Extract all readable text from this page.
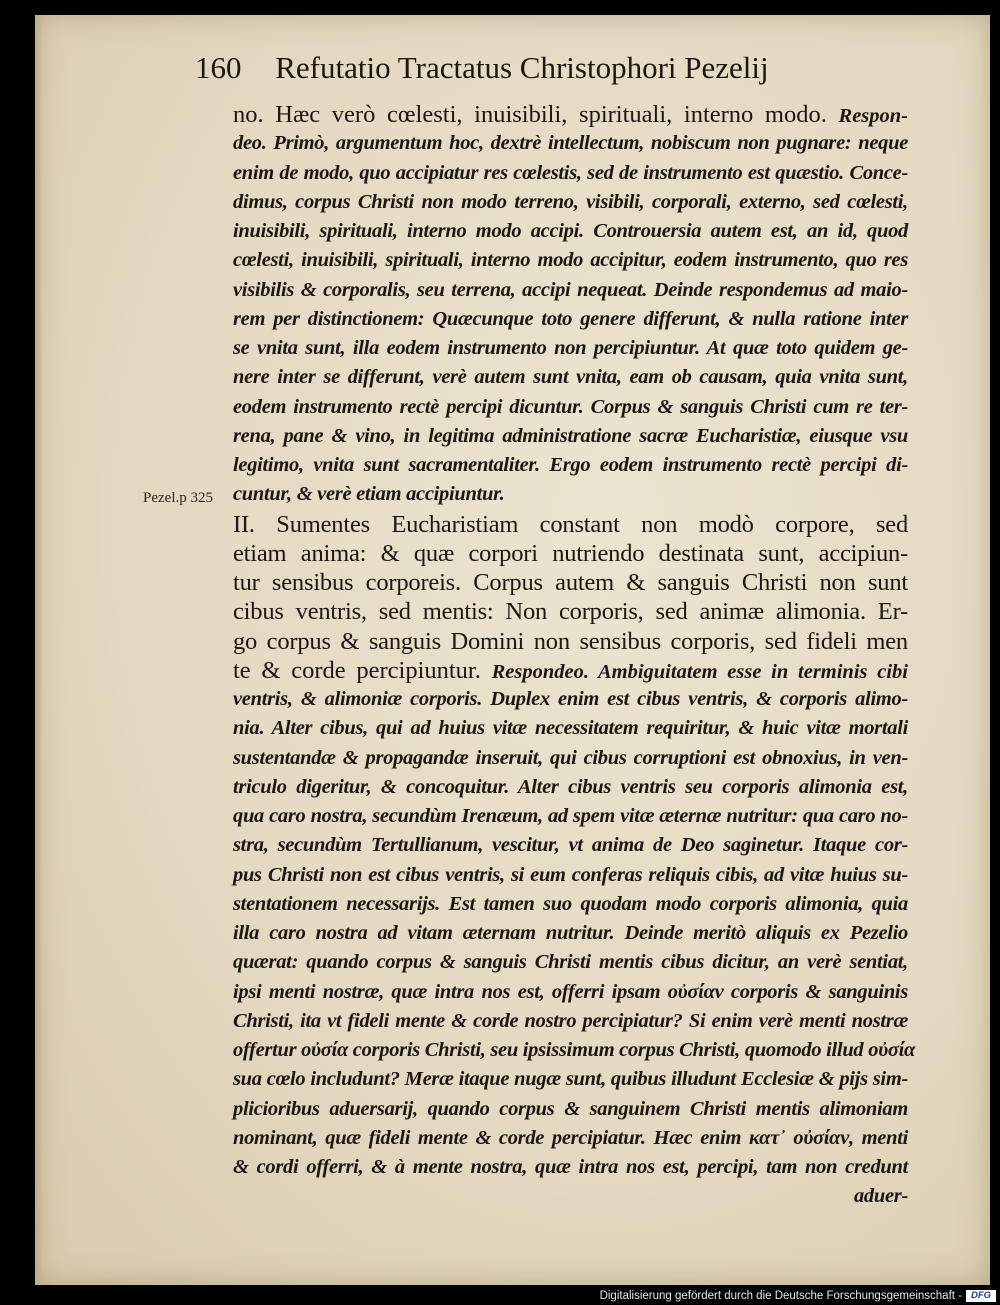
160 Refutatio Tractatus Christophori Pezelij
Pezel.p 325
no. Hæc verò cœlesti, inuisibili, spirituali, interno modo. Respon-
deo. Primò, argumentum hoc, dextrè intellectum, nobiscum non pugnare: neque
enim de modo, quo accipiatur res cœlestis, sed de instrumento est quæstio. Conce-
dimus, corpus Christi non modo terreno, visibili, corporali, externo, sed cœlesti,
inuisibili, spirituali, interno modo accipi. Controuersia autem est, an id, quod
cœlesti, inuisibili, spirituali, interno modo accipitur, eodem instrumento, quo res
visibilis & corporalis, seu terrena, accipi nequeat. Deinde respondemus ad maio-
rem per distinctionem: Quæcunque toto genere differunt, & nulla ratione inter
se vnita sunt, illa eodem instrumento non percipiuntur. At quæ toto quidem ge-
nere inter se differunt, verè autem sunt vnita, eam ob causam, quia vnita sunt,
eodem instrumento rectè percipi dicuntur. Corpus & sanguis Christi cum re ter-
rena, pane & vino, in legitima administratione sacræ Eucharistiæ, eiusque vsu
legitimo, vnita sunt sacramentaliter. Ergo eodem instrumento rectè percipi di-
cuntur, & verè etiam accipiuntur.
II. Sumentes Eucharistiam constant non modò corpore, sed
etiam anima: & quæ corpori nutriendo destinata sunt, accipiun-
tur sensibus corporeis. Corpus autem & sanguis Christi non sunt
cibus ventris, sed mentis: Non corporis, sed animæ alimonia. Er-
go corpus & sanguis Domini non sensibus corporis, sed fideli men
te & corde percipiuntur. Respondeo. Ambiguitatem esse in terminis cibi
ventris, & alimoniæ corporis. Duplex enim est cibus ventris, & corporis alimo-
nia. Alter cibus, qui ad huius vitæ necessitatem requiritur, & huic vitæ mortali
sustentandæ & propagandæ inseruit, qui cibus corruptioni est obnoxius, in ven-
triculo digeritur, & concoquitur. Alter cibus ventris seu corporis alimonia est,
qua caro nostra, secundùm Irenæum, ad spem vitæ æternæ nutritur: qua caro no-
stra, secundùm Tertullianum, vescitur, vt anima de Deo saginetur. Itaque cor-
pus Christi non est cibus ventris, si eum conferas reliquis cibis, ad vitæ huius su-
stentationem necessarijs. Est tamen suo quodam modo corporis alimonia, quia
illa caro nostra ad vitam æternam nutritur. Deinde meritò aliquis ex Pezelio
quærat: quando corpus & sanguis Christi mentis cibus dicitur, an verè sentiat,
ipsi menti nostræ, quæ intra nos est, offerri ipsam οὐσίαν corporis & sanguinis
Christi, ita vt fideli mente & corde nostro percipiatur? Si enim verè menti nostræ
offertur οὐσία corporis Christi, seu ipsissimum corpus Christi, quomodo illud οὐσία
sua cœlo includunt? Meræ itaque nugæ sunt, quibus illudunt Ecclesiæ & pijs sim-
plicioribus aduersarij, quando corpus & sanguinem Christi mentis alimoniam
nominant, quæ fideli mente & corde percipiatur. Hæc enim κατ᾽ οὐσίαν, menti
& cordi offerri, & à mente nostra, quæ intra nos est, percipi, tam non credunt
aduer-
Digitalisierung gefördert durch die Deutsche Forschungsgemeinschaft - DFG
